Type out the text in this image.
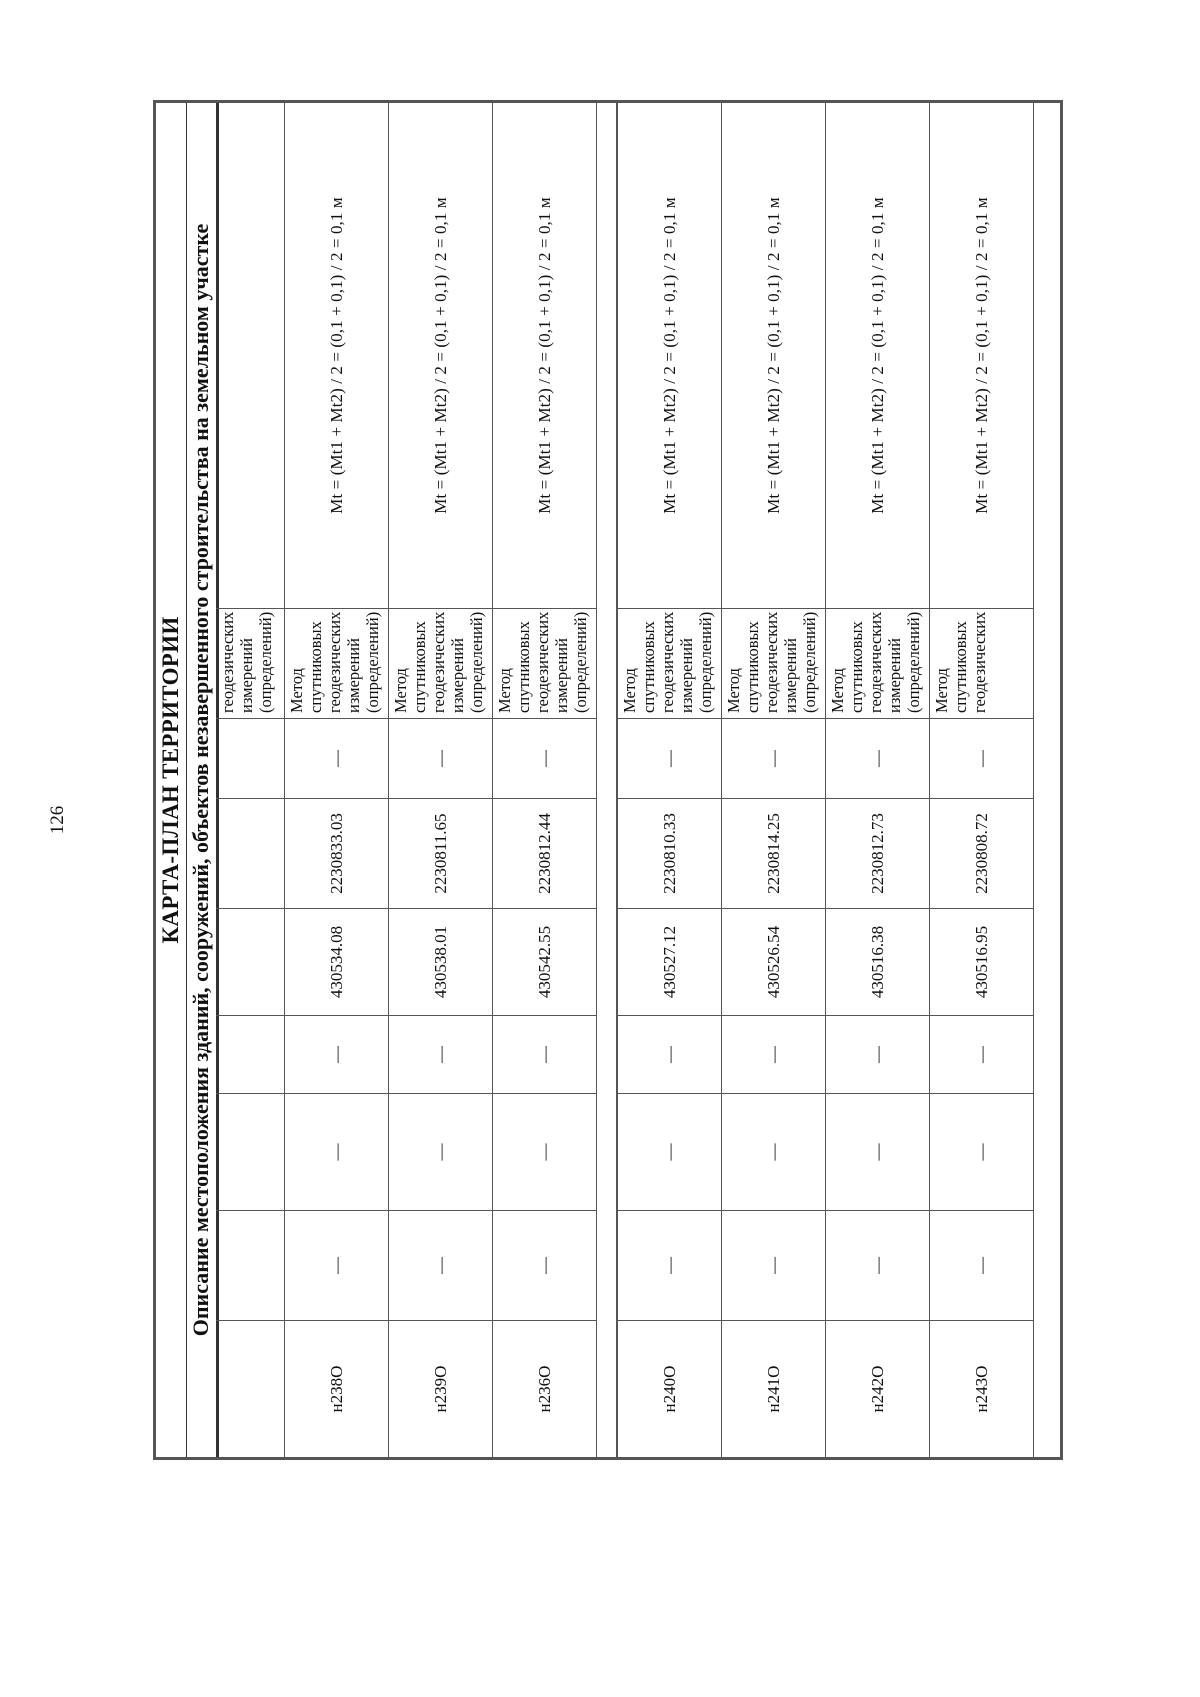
126	КАРТА-ПЛАН ТЕРРИТОРИИ Описание местоположения зданий, сооружений, объектов незавершенного строительства на земельном участке геодезических
измерений
(определений)
н238О
—
—
—
430534.08
2230833.03
—
Метод
спутниковых
геодезических
измерений
(определений)
Mt = (Mt1 + Mt2) / 2 = (0,1 + 0,1) / 2 = 0,1 м
н239О
—
—
—
430538.01
2230811.65
—
Метод
спутниковых
геодезических
измерений
(определений)
Mt = (Mt1 + Mt2) / 2 = (0,1 + 0,1) / 2 = 0,1 м
н236О
—
—
—
430542.55
2230812.44
—
Метод
спутниковых
геодезических
измерений
(определений)
Mt = (Mt1 + Mt2) / 2 = (0,1 + 0,1) / 2 = 0,1 м
н240О
—
—
—
430527.12
2230810.33
—
Метод
спутниковых
геодезических
измерений
(определений)
Mt = (Mt1 + Mt2) / 2 = (0,1 + 0,1) / 2 = 0,1 м
н241О
—
—
—
430526.54
2230814.25
—
Метод
спутниковых
геодезических
измерений
(определений)
Mt = (Mt1 + Mt2) / 2 = (0,1 + 0,1) / 2 = 0,1 м
н242О
—
—
—
430516.38
2230812.73
—
Метод
спутниковых
геодезических
измерений
(определений)
Mt = (Mt1 + Mt2) / 2 = (0,1 + 0,1) / 2 = 0,1 м
н243О
—
—
—
430516.95
2230808.72
—
Метод
спутниковых
геодезических
Mt = (Mt1 + Mt2) / 2 = (0,1 + 0,1) / 2 = 0,1 м
